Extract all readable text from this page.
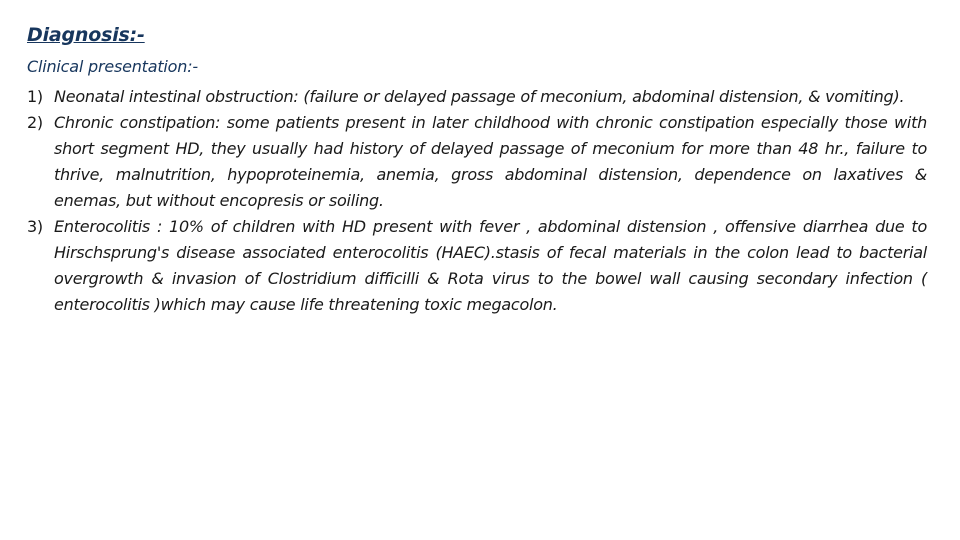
Diagnosis:-

Clinical presentation:-

1) Neonatal intestinal obstruction: (failure or delayed passage of meconium, abdominal distension, & vomiting).
2) Chronic constipation: some patients present in later childhood with chronic constipation especially those with short segment HD, they usually had history of delayed passage of meconium for more than 48 hr., failure to thrive, malnutrition, hypoproteinemia, anemia, gross abdominal distension, dependence on laxatives & enemas, but without encopresis or soiling.
3) Enterocolitis : 10% of children with HD present with fever , abdominal distension , offensive diarrhea due to Hirschsprung's disease associated enterocolitis (HAEC).stasis of fecal materials in the colon lead to bacterial overgrowth & invasion of Clostridium difficilli & Rota virus to the bowel wall causing secondary infection ( enterocolitis )which may cause life threatening toxic megacolon.
